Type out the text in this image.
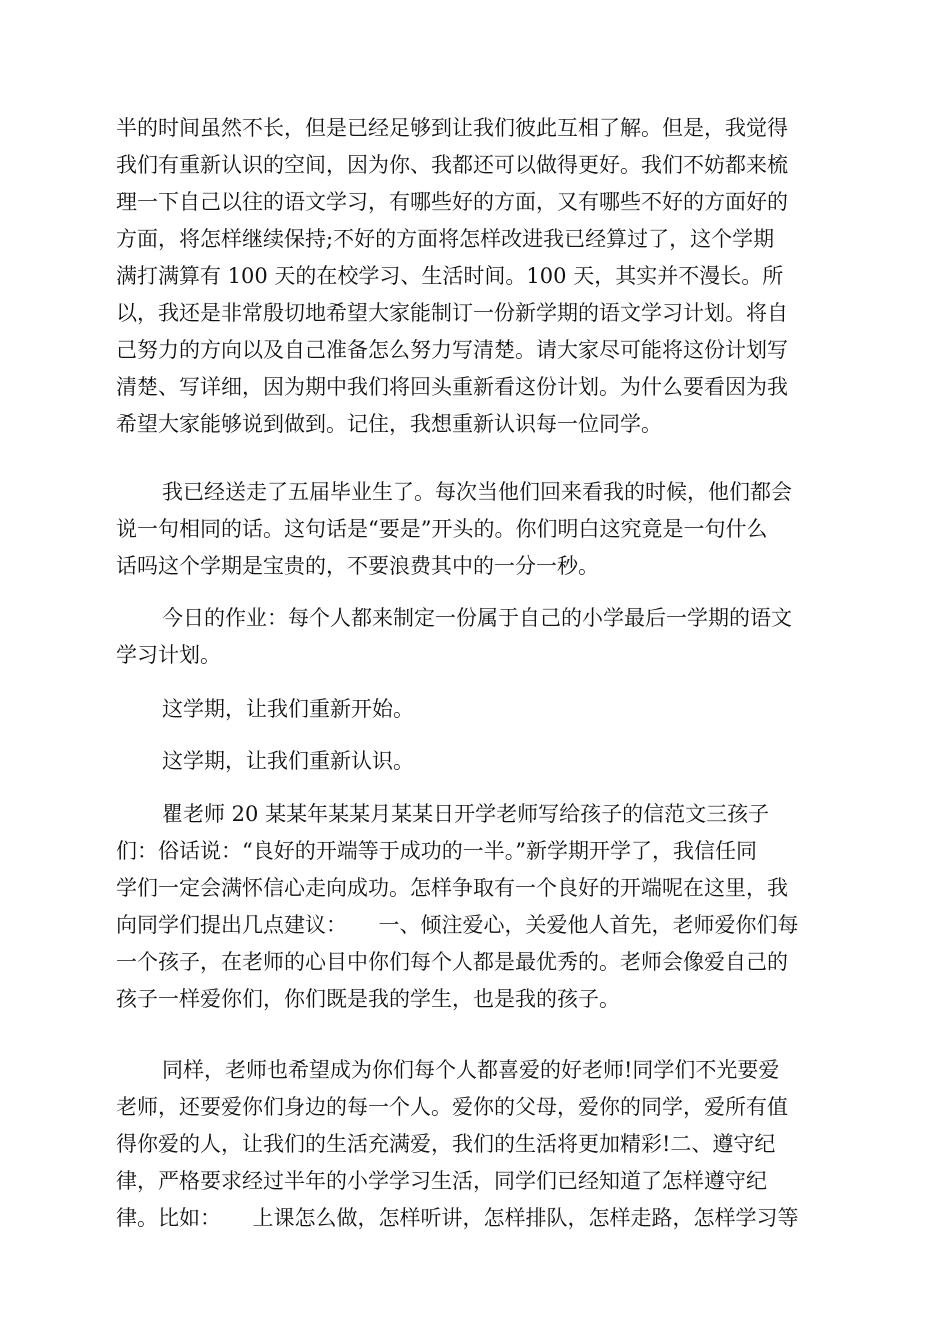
半的时间虽然不长，但是已经足够到让我们彼此互相了解。但是，我觉得
我们有重新认识的空间，因为你、我都还可以做得更好。我们不妨都来梳
理一下自己以往的语文学习，有哪些好的方面，又有哪些不好的方面好的
方面，将怎样继续保持;不好的方面将怎样改进我已经算过了，这个学期
满打满算有 100 天的在校学习、生活时间。100 天，其实并不漫长。所
以，我还是非常殷切地希望大家能制订一份新学期的语文学习计划。将自
己努力的方向以及自己准备怎么努力写清楚。请大家尽可能将这份计划写
清楚、写详细，因为期中我们将回头重新看这份计划。为什么要看因为我
希望大家能够说到做到。记住，我想重新认识每一位同学。
我已经送走了五届毕业生了。每次当他们回来看我的时候，他们都会
说一句相同的话。这句话是“要是”开头的。你们明白这究竟是一句什么
话吗这个学期是宝贵的，不要浪费其中的一分一秒。
今日的作业：每个人都来制定一份属于自己的小学最后一学期的语文
学习计划。
这学期，让我们重新开始。
这学期，让我们重新认识。
瞿老师 20 某某年某某月某某日开学老师写给孩子的信范文三孩子
们：俗话说：“良好的开端等于成功的一半。”新学期开学了，我信任同
学们一定会满怀信心走向成功。怎样争取有一个良好的开端呢在这里，我
向同学们提出几点建议：　　一、倾注爱心，关爱他人首先，老师爱你们每
一个孩子，在老师的心目中你们每个人都是最优秀的。老师会像爱自己的
孩子一样爱你们，你们既是我的学生，也是我的孩子。
同样，老师也希望成为你们每个人都喜爱的好老师!同学们不光要爱
老师，还要爱你们身边的每一个人。爱你的父母，爱你的同学，爱所有值
得你爱的人，让我们的生活充满爱，我们的生活将更加精彩!二、遵守纪
律，严格要求经过半年的小学学习生活，同学们已经知道了怎样遵守纪
律。比如：　　上课怎么做，怎样听讲，怎样排队，怎样走路，怎样学习等
